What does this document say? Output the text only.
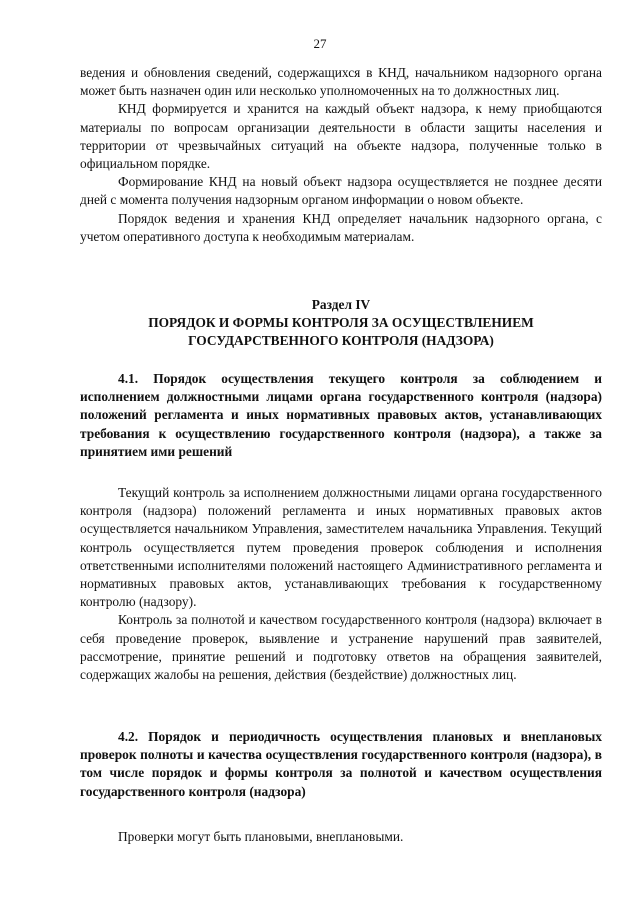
27

ведения и обновления сведений, содержащихся в КНД, начальником надзорного органа может быть назначен один или несколько уполномоченных на то должностных лиц.

КНД формируется и хранится на каждый объект надзора, к нему приобщаются материалы по вопросам организации деятельности в области защиты населения и территории от чрезвычайных ситуаций на объекте надзора, полученные только в официальном порядке.

Формирование КНД на новый объект надзора осуществляется не позднее десяти дней с момента получения надзорным органом информации о новом объекте.

Порядок ведения и хранения КНД определяет начальник надзорного органа, с учетом оперативного доступа к необходимым материалам.

Раздел IV

ПОРЯДОК И ФОРМЫ КОНТРОЛЯ ЗА ОСУЩЕСТВЛЕНИЕМ

ГОСУДАРСТВЕННОГО КОНТРОЛЯ (НАДЗОРА)

4.1. Порядок осуществления текущего контроля за соблюдением и исполнением должностными лицами органа государственного контроля (надзора) положений регламента и иных нормативных правовых актов, устанавливающих требования к осуществлению государственного контроля (надзора), а также за принятием ими решений

Текущий контроль за исполнением должностными лицами органа государственного контроля (надзора) положений регламента и иных нормативных правовых актов осуществляется начальником Управления, заместителем начальника Управления. Текущий контроль осуществляется путем проведения проверок соблюдения и исполнения ответственными исполнителями положений настоящего Административного регламента и нормативных правовых актов, устанавливающих требования к государственному контролю (надзору).

Контроль за полнотой и качеством государственного контроля (надзора) включает в себя проведение проверок, выявление и устранение нарушений прав заявителей, рассмотрение, принятие решений и подготовку ответов на обращения заявителей, содержащих жалобы на решения, действия (бездействие) должностных лиц.

4.2. Порядок и периодичность осуществления плановых и внеплановых проверок полноты и качества осуществления государственного контроля (надзора), в том числе порядок и формы контроля за полнотой и качеством осуществления государственного контроля (надзора)

Проверки могут быть плановыми, внеплановыми.
